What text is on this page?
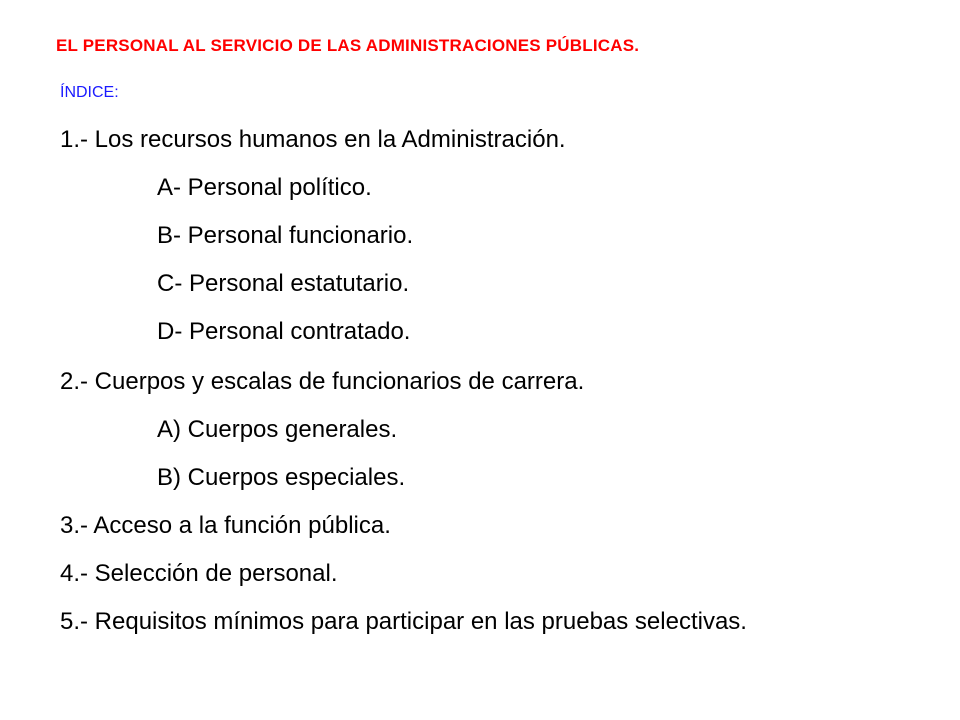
EL PERSONAL AL SERVICIO DE LAS ADMINISTRACIONES PÚBLICAS.
ÍNDICE:
1.- Los recursos humanos en la Administración.
A- Personal político.
B- Personal funcionario.
C- Personal estatutario.
D- Personal contratado.
2.- Cuerpos y escalas de funcionarios de carrera.
A) Cuerpos generales.
B) Cuerpos especiales.
3.- Acceso a la función pública.
4.- Selección de personal.
5.- Requisitos mínimos para participar en las pruebas selectivas.
